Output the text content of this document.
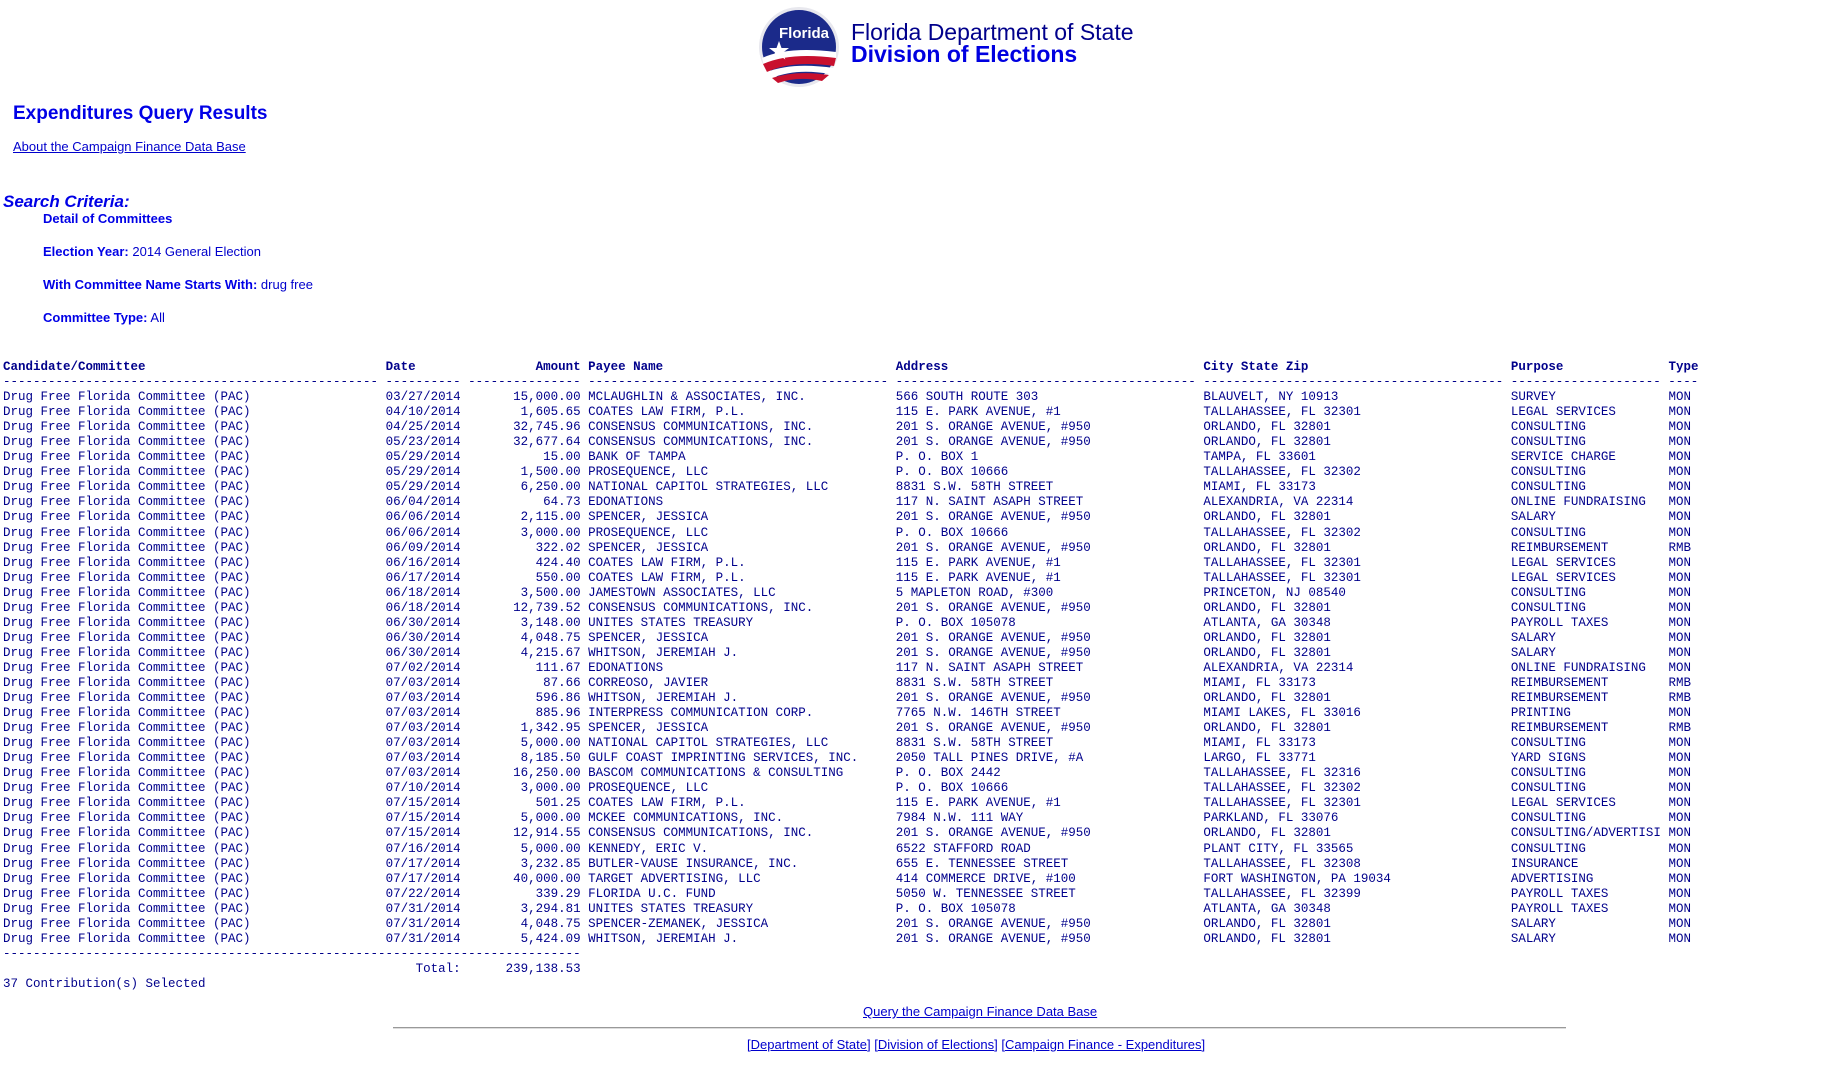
Florida Florida Department of State
Division of Elections
Expenditures Query Results
About the Campaign Finance Data Base
Search Criteria:
Detail of Committees
Election Year: 2014 General Election
With Committee Name Starts With: drug free
Committee Type: All
Candidate/Committee                                Date                Amount Payee Name                               Address                                  City State Zip                           Purpose              Type
-------------------------------------------------- ---------- --------------- ---------------------------------------- ---------------------------------------- ---------------------------------------- -------------------- ----
Drug Free Florida Committee (PAC)                  03/27/2014       15,000.00 MCLAUGHLIN & ASSOCIATES, INC.            566 SOUTH ROUTE 303                      BLAUVELT, NY 10913                       SURVEY               MON
Drug Free Florida Committee (PAC)                  04/10/2014        1,605.65 COATES LAW FIRM, P.L.                    115 E. PARK AVENUE, #1                   TALLAHASSEE, FL 32301                    LEGAL SERVICES       MON
Drug Free Florida Committee (PAC)                  04/25/2014       32,745.96 CONSENSUS COMMUNICATIONS, INC.           201 S. ORANGE AVENUE, #950               ORLANDO, FL 32801                        CONSULTING           MON
Drug Free Florida Committee (PAC)                  05/23/2014       32,677.64 CONSENSUS COMMUNICATIONS, INC.           201 S. ORANGE AVENUE, #950               ORLANDO, FL 32801                        CONSULTING           MON
Drug Free Florida Committee (PAC)                  05/29/2014           15.00 BANK OF TAMPA                            P. O. BOX 1                              TAMPA, FL 33601                          SERVICE CHARGE       MON
Drug Free Florida Committee (PAC)                  05/29/2014        1,500.00 PROSEQUENCE, LLC                         P. O. BOX 10666                          TALLAHASSEE, FL 32302                    CONSULTING           MON
Drug Free Florida Committee (PAC)                  05/29/2014        6,250.00 NATIONAL CAPITOL STRATEGIES, LLC         8831 S.W. 58TH STREET                    MIAMI, FL 33173                          CONSULTING           MON
Drug Free Florida Committee (PAC)                  06/04/2014           64.73 EDONATIONS                               117 N. SAINT ASAPH STREET                ALEXANDRIA, VA 22314                     ONLINE FUNDRAISING   MON
Drug Free Florida Committee (PAC)                  06/06/2014        2,115.00 SPENCER, JESSICA                         201 S. ORANGE AVENUE, #950               ORLANDO, FL 32801                        SALARY               MON
Drug Free Florida Committee (PAC)                  06/06/2014        3,000.00 PROSEQUENCE, LLC                         P. O. BOX 10666                          TALLAHASSEE, FL 32302                    CONSULTING           MON
Drug Free Florida Committee (PAC)                  06/09/2014          322.02 SPENCER, JESSICA                         201 S. ORANGE AVENUE, #950               ORLANDO, FL 32801                        REIMBURSEMENT        RMB
Drug Free Florida Committee (PAC)                  06/16/2014          424.40 COATES LAW FIRM, P.L.                    115 E. PARK AVENUE, #1                   TALLAHASSEE, FL 32301                    LEGAL SERVICES       MON
Drug Free Florida Committee (PAC)                  06/17/2014          550.00 COATES LAW FIRM, P.L.                    115 E. PARK AVENUE, #1                   TALLAHASSEE, FL 32301                    LEGAL SERVICES       MON
Drug Free Florida Committee (PAC)                  06/18/2014        3,500.00 JAMESTOWN ASSOCIATES, LLC                5 MAPLETON ROAD, #300                    PRINCETON, NJ 08540                      CONSULTING           MON
Drug Free Florida Committee (PAC)                  06/18/2014       12,739.52 CONSENSUS COMMUNICATIONS, INC.           201 S. ORANGE AVENUE, #950               ORLANDO, FL 32801                        CONSULTING           MON
Drug Free Florida Committee (PAC)                  06/30/2014        3,148.00 UNITES STATES TREASURY                   P. O. BOX 105078                         ATLANTA, GA 30348                        PAYROLL TAXES        MON
Drug Free Florida Committee (PAC)                  06/30/2014        4,048.75 SPENCER, JESSICA                         201 S. ORANGE AVENUE, #950               ORLANDO, FL 32801                        SALARY               MON
Drug Free Florida Committee (PAC)                  06/30/2014        4,215.67 WHITSON, JEREMIAH J.                     201 S. ORANGE AVENUE, #950               ORLANDO, FL 32801                        SALARY               MON
Drug Free Florida Committee (PAC)                  07/02/2014          111.67 EDONATIONS                               117 N. SAINT ASAPH STREET                ALEXANDRIA, VA 22314                     ONLINE FUNDRAISING   MON
Drug Free Florida Committee (PAC)                  07/03/2014           87.66 CORREOSO, JAVIER                         8831 S.W. 58TH STREET                    MIAMI, FL 33173                          REIMBURSEMENT        RMB
Drug Free Florida Committee (PAC)                  07/03/2014          596.86 WHITSON, JEREMIAH J.                     201 S. ORANGE AVENUE, #950               ORLANDO, FL 32801                        REIMBURSEMENT        RMB
Drug Free Florida Committee (PAC)                  07/03/2014          885.96 INTERPRESS COMMUNICATION CORP.           7765 N.W. 146TH STREET                   MIAMI LAKES, FL 33016                    PRINTING             MON
Drug Free Florida Committee (PAC)                  07/03/2014        1,342.95 SPENCER, JESSICA                         201 S. ORANGE AVENUE, #950               ORLANDO, FL 32801                        REIMBURSEMENT        RMB
Drug Free Florida Committee (PAC)                  07/03/2014        5,000.00 NATIONAL CAPITOL STRATEGIES, LLC         8831 S.W. 58TH STREET                    MIAMI, FL 33173                          CONSULTING           MON
Drug Free Florida Committee (PAC)                  07/03/2014        8,185.50 GULF COAST IMPRINTING SERVICES, INC.     2050 TALL PINES DRIVE, #A                LARGO, FL 33771                          YARD SIGNS           MON
Drug Free Florida Committee (PAC)                  07/03/2014       16,250.00 BASCOM COMMUNICATIONS & CONSULTING       P. O. BOX 2442                           TALLAHASSEE, FL 32316                    CONSULTING           MON
Drug Free Florida Committee (PAC)                  07/10/2014        3,000.00 PROSEQUENCE, LLC                         P. O. BOX 10666                          TALLAHASSEE, FL 32302                    CONSULTING           MON
Drug Free Florida Committee (PAC)                  07/15/2014          501.25 COATES LAW FIRM, P.L.                    115 E. PARK AVENUE, #1                   TALLAHASSEE, FL 32301                    LEGAL SERVICES       MON
Drug Free Florida Committee (PAC)                  07/15/2014        5,000.00 MCKEE COMMUNICATIONS, INC.               7984 N.W. 111 WAY                        PARKLAND, FL 33076                       CONSULTING           MON
Drug Free Florida Committee (PAC)                  07/15/2014       12,914.55 CONSENSUS COMMUNICATIONS, INC.           201 S. ORANGE AVENUE, #950               ORLANDO, FL 32801                        CONSULTING/ADVERTISI MON
Drug Free Florida Committee (PAC)                  07/16/2014        5,000.00 KENNEDY, ERIC V.                         6522 STAFFORD ROAD                       PLANT CITY, FL 33565                     CONSULTING           MON
Drug Free Florida Committee (PAC)                  07/17/2014        3,232.85 BUTLER-VAUSE INSURANCE, INC.             655 E. TENNESSEE STREET                  TALLAHASSEE, FL 32308                    INSURANCE            MON
Drug Free Florida Committee (PAC)                  07/17/2014       40,000.00 TARGET ADVERTISING, LLC                  414 COMMERCE DRIVE, #100                 FORT WASHINGTON, PA 19034                ADVERTISING          MON
Drug Free Florida Committee (PAC)                  07/22/2014          339.29 FLORIDA U.C. FUND                        5050 W. TENNESSEE STREET                 TALLAHASSEE, FL 32399                    PAYROLL TAXES        MON
Drug Free Florida Committee (PAC)                  07/31/2014        3,294.81 UNITES STATES TREASURY                   P. O. BOX 105078                         ATLANTA, GA 30348                        PAYROLL TAXES        MON
Drug Free Florida Committee (PAC)                  07/31/2014        4,048.75 SPENCER-ZEMANEK, JESSICA                 201 S. ORANGE AVENUE, #950               ORLANDO, FL 32801                        SALARY               MON
Drug Free Florida Committee (PAC)                  07/31/2014        5,424.09 WHITSON, JEREMIAH J.                     201 S. ORANGE AVENUE, #950               ORLANDO, FL 32801                        SALARY               MON
-----------------------------------------------------------------------------
Total:      239,138.53
37 Contribution(s) Selected
Query the Campaign Finance Data Base
[Department of State] [Division of Elections] [Campaign Finance - Expenditures]
